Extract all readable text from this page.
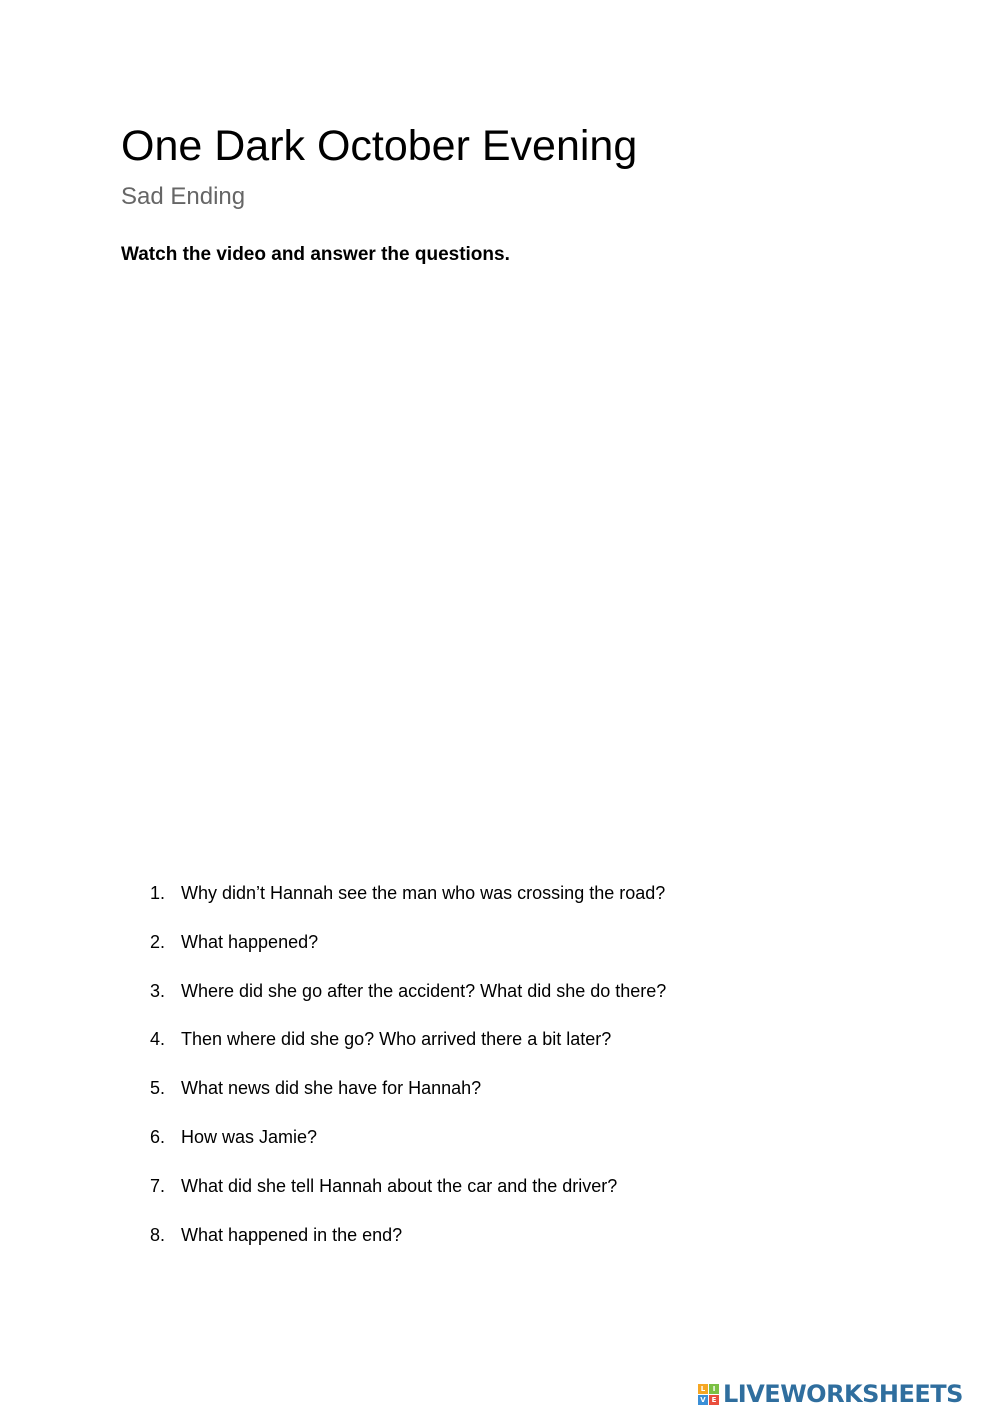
One Dark October Evening

Sad Ending

Watch the video and answer the questions.

1. Why didn’t Hannah see the man who was crossing the road?
2. What happened?
3. Where did she go after the accident? What did she do there?
4. Then where did she go? Who arrived there a bit later?
5. What news did she have for Hannah?
6. How was Jamie?
7. What did she tell Hannah about the car and the driver?
8. What happened in the end?
L	I
V E LIVEWORKSHEETS
